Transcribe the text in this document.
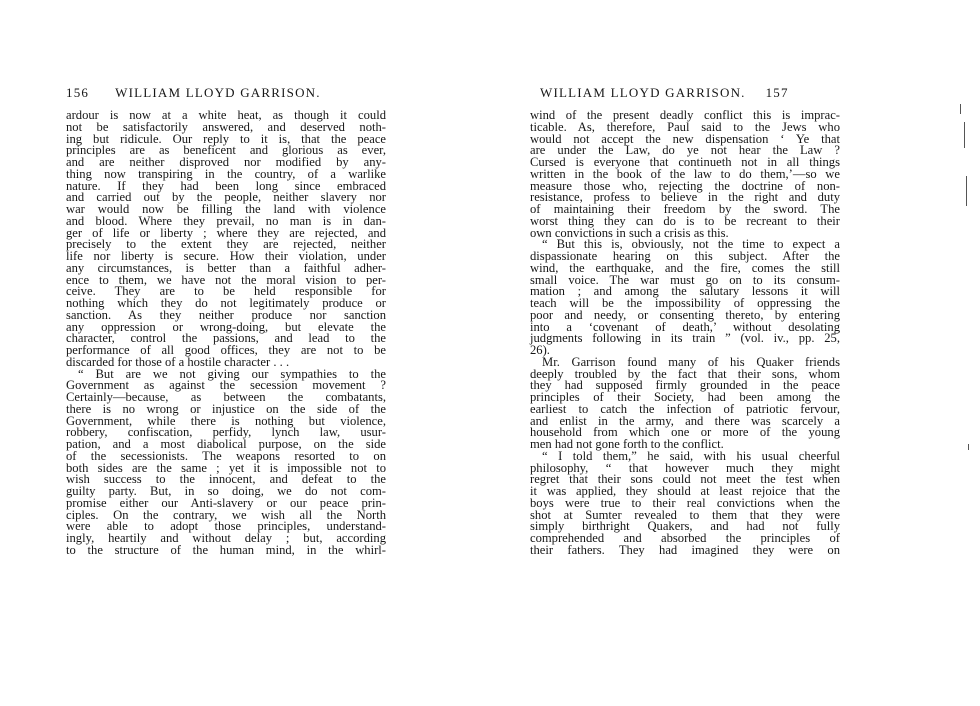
156 WILLIAM LLOYD GARRISON.
ardour is now at a white heat, as though it could
not be satisfactorily answered, and deserved noth-
ing but ridicule. Our reply to it is, that the peace
principles are as beneficent and glorious as ever,
and are neither disproved nor modified by any-
thing now transpiring in the country, of a warlike
nature. If they had been long since embraced
and carried out by the people, neither slavery nor
war would now be filling the land with violence
and blood. Where they prevail, no man is in dan-
ger of life or liberty ; where they are rejected, and
precisely to the extent they are rejected, neither
life nor liberty is secure. How their violation, under
any circumstances, is better than a faithful adher-
ence to them, we have not the moral vision to per-
ceive. They are to be held responsible for
nothing which they do not legitimately produce or
sanction. As they neither produce nor sanction
any oppression or wrong-doing, but elevate the
character, control the passions, and lead to the
performance of all good offices, they are not to be
discarded for those of a hostile character . . .
“ But are we not giving our sympathies to the
Government as against the secession movement ?
Certainly—because, as between the combatants,
there is no wrong or injustice on the side of the
Government, while there is nothing but violence,
robbery, confiscation, perfidy, lynch law, usur-
pation, and a most diabolical purpose, on the side
of the secessionists. The weapons resorted to on
both sides are the same ; yet it is impossible not to
wish success to the innocent, and defeat to the
guilty party. But, in so doing, we do not com-
promise either our Anti-slavery or our peace prin-
ciples. On the contrary, we wish all the North
were able to adopt those principles, understand-
ingly, heartily and without delay ; but, according
to the structure of the human mind, in the whirl-
WILLIAM LLOYD GARRISON. 157
wind of the present deadly conflict this is imprac-
ticable. As, therefore, Paul said to the Jews who
would not accept the new dispensation ‘ Ye that
are under the Law, do ye not hear the Law ?
Cursed is everyone that continueth not in all things
written in the book of the law to do them,’—so we
measure those who, rejecting the doctrine of non-
resistance, profess to believe in the right and duty
of maintaining their freedom by the sword. The
worst thing they can do is to be recreant to their
own convictions in such a crisis as this.
“ But this is, obviously, not the time to expect a
dispassionate hearing on this subject. After the
wind, the earthquake, and the fire, comes the still
small voice. The war must go on to its consum-
mation ; and among the salutary lessons it will
teach will be the impossibility of oppressing the
poor and needy, or consenting thereto, by entering
into a ‘covenant of death,’ without desolating
judgments following in its train ” (vol. iv., pp. 25,
26).
Mr. Garrison found many of his Quaker friends
deeply troubled by the fact that their sons, whom
they had supposed firmly grounded in the peace
principles of their Society, had been among the
earliest to catch the infection of patriotic fervour,
and enlist in the army, and there was scarcely a
household from which one or more of the young
men had not gone forth to the conflict.
“ I told them,” he said, with his usual cheerful
philosophy, “ that however much they might
regret that their sons could not meet the test when
it was applied, they should at least rejoice that the
boys were true to their real convictions when the
shot at Sumter revealed to them that they were
simply birthright Quakers, and had not fully
comprehended and absorbed the principles of
their fathers. They had imagined they were on
